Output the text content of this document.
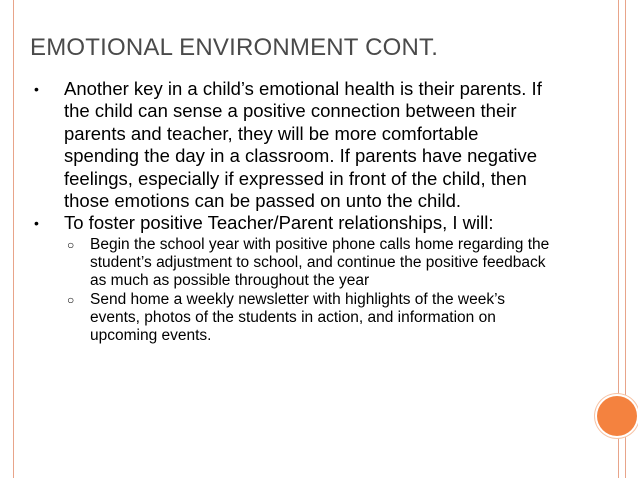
EMOTIONAL ENVIRONMENT CONT.
• Another key in a child’s emotional health is their parents. If the child can sense a positive connection between their parents and teacher, they will be more comfortable spending the day in a classroom. If parents have negative feelings, especially if expressed in front of the child, then those emotions can be passed on unto the child.
• To foster positive Teacher/Parent relationships, I will:
○ Begin the school year with positive phone calls home regarding the student’s adjustment to school, and continue the positive feedback as much as possible throughout the year
○ Send home a weekly newsletter with highlights of the week’s events, photos of the students in action, and information on upcoming events.
